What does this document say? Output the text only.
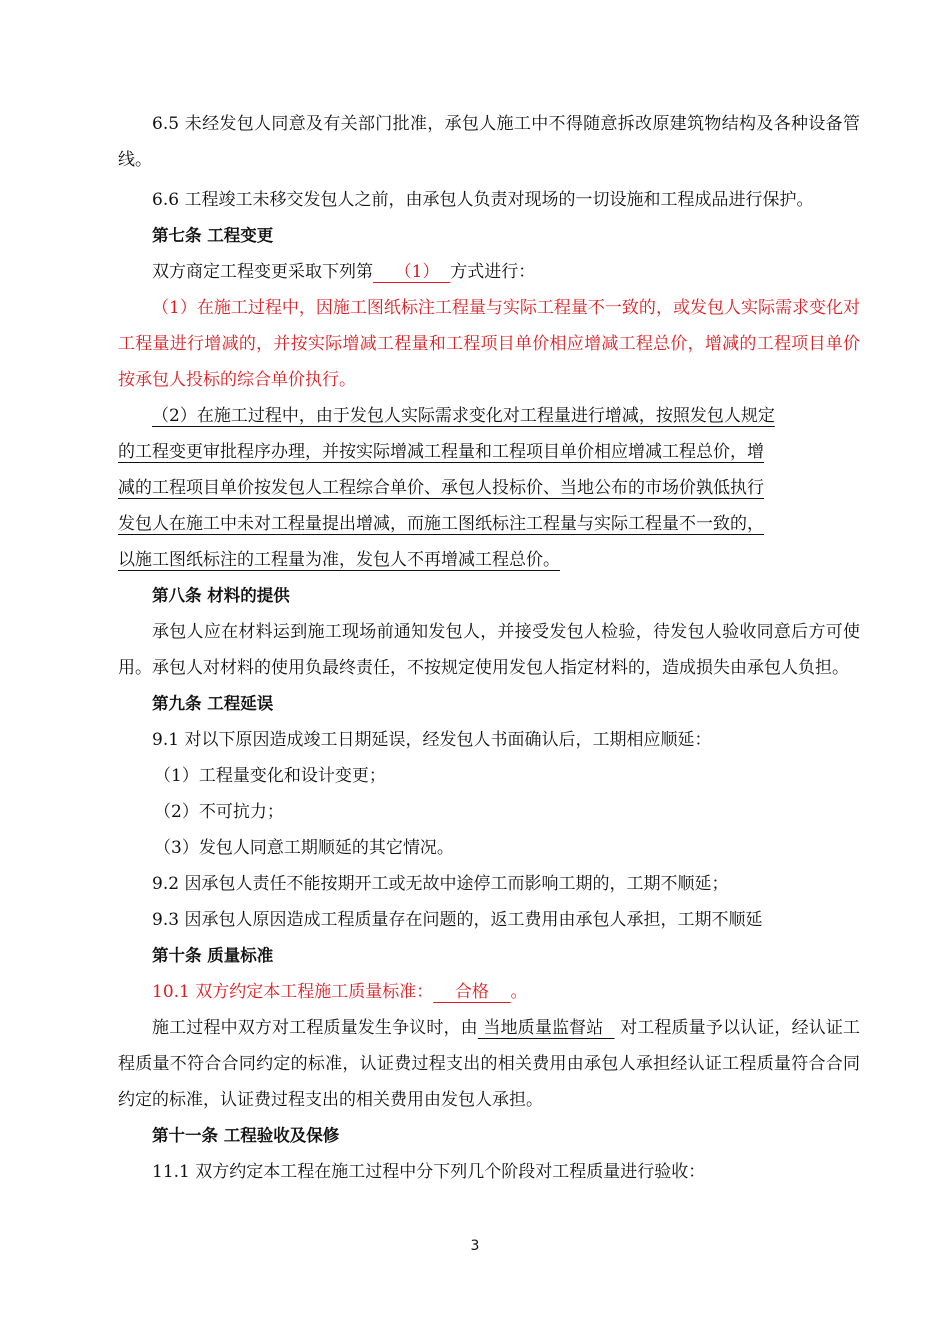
6.5 未经发包人同意及有关部门批准，承包人施工中不得随意拆改原建筑物结构及各种设备管线。

6.6 工程竣工未移交发包人之前，由承包人负责对现场的一切设施和工程成品进行保护。

第七条 工程变更

双方商定工程变更采取下列第    （1）  方式进行：

（1）在施工过程中，因施工图纸标注工程量与实际工程量不一致的，或发包人实际需求变化对工程量进行增减的，并按实际增减工程量和工程项目单价相应增减工程总价，增减的工程项目单价按承包人投标的综合单价执行。

（2）在施工过程中，由于发包人实际需求变化对工程量进行增减，按照发包人规定

的工程变更审批程序办理，并按实际增减工程量和工程项目单价相应增减工程总价，增

减的工程项目单价按发包人工程综合单价、承包人投标价、当地公布的市场价孰低执行

发包人在施工中未对工程量提出增减，而施工图纸标注工程量与实际工程量不一致的，

以施工图纸标注的工程量为准，发包人不再增减工程总价。

第八条 材料的提供

承包人应在材料运到施工现场前通知发包人，并接受发包人检验，待发包人验收同意后方可使用。承包人对材料的使用负最终责任，不按规定使用发包人指定材料的，造成损失由承包人负担。

第九条 工程延误

9.1 对以下原因造成竣工日期延误，经发包人书面确认后，工期相应顺延：

（1）工程量变化和设计变更；

（2）不可抗力；

（3）发包人同意工期顺延的其它情况。

9.2 因承包人责任不能按期开工或无故中途停工而影响工期的，工期不顺延；

9.3 因承包人原因造成工程质量存在问题的，返工费用由承包人承担，工期不顺延

第十条 质量标准

10.1 双方约定本工程施工质量标准：    合格    。

施工过程中双方对工程质量发生争议时，由 当地质量监督站   对工程质量予以认证，经认证工程质量不符合合同约定的标准，认证费过程支出的相关费用由承包人承担经认证工程质量符合合同约定的标准，认证费过程支出的相关费用由发包人承担。

第十一条 工程验收及保修

11.1 双方约定本工程在施工过程中分下列几个阶段对工程质量进行验收：

3
